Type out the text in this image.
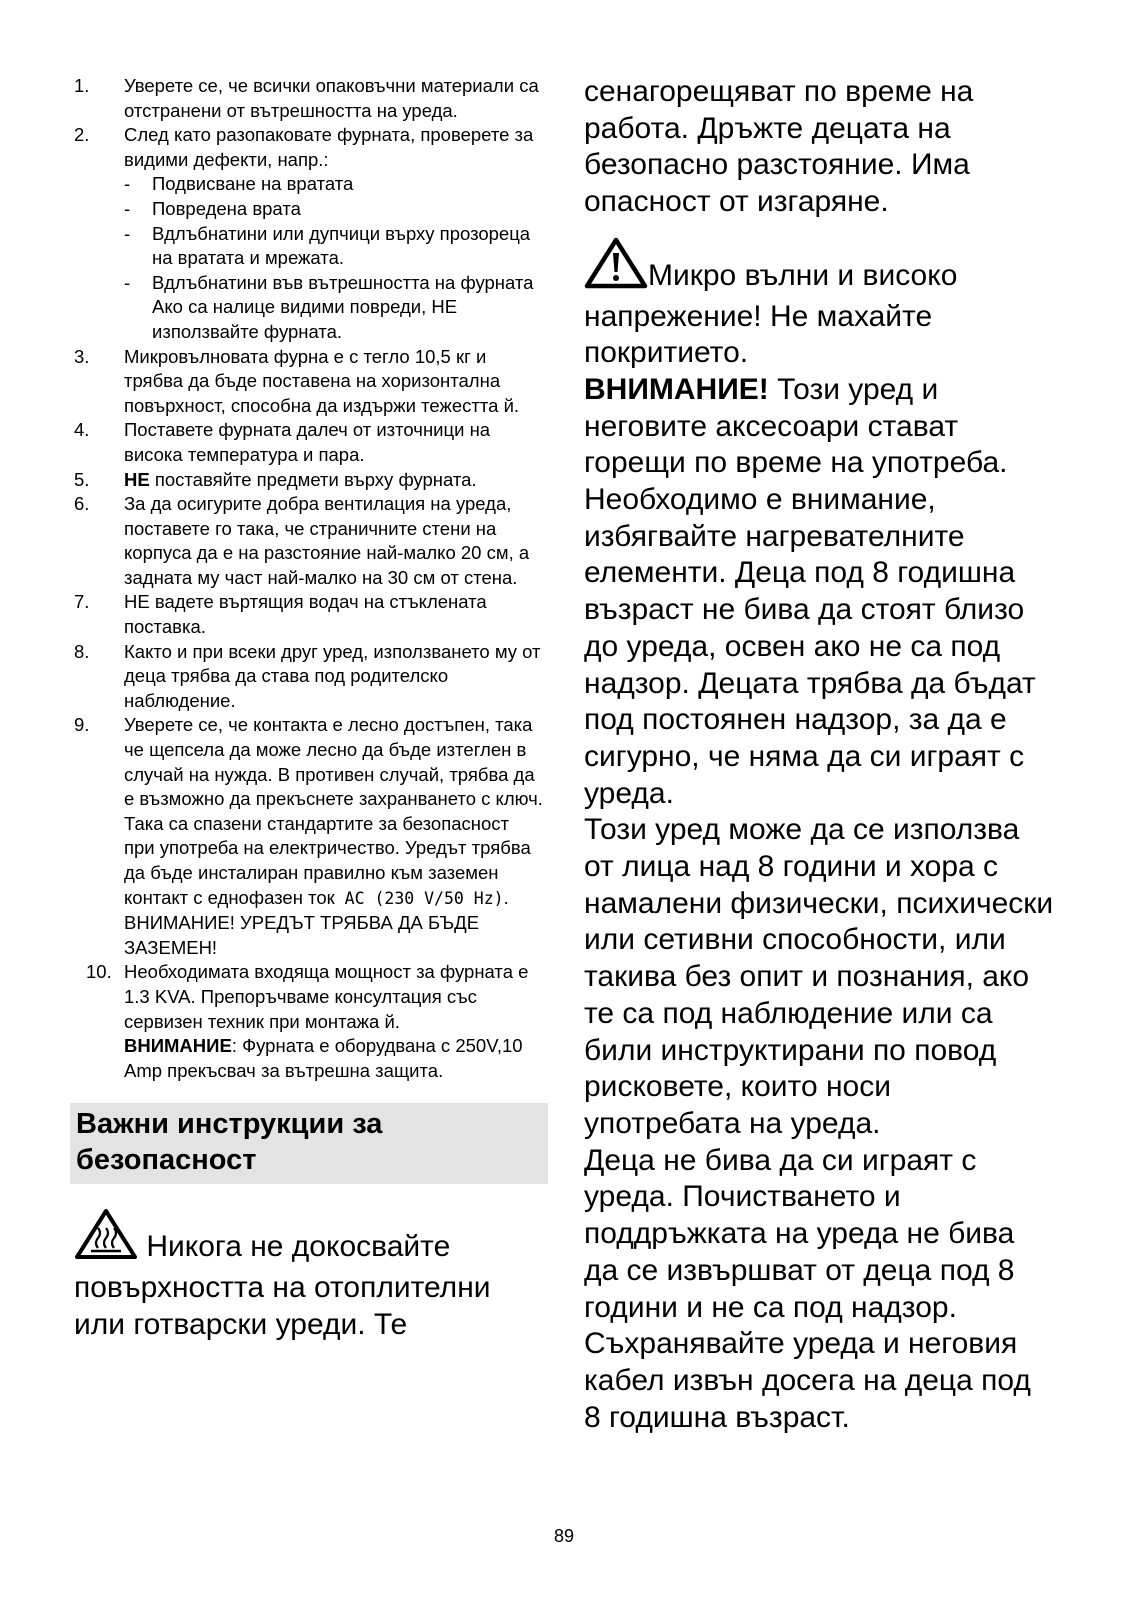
1.	Уверете се, че всички опаковъчни материали са отстранени от вътрешността на уреда.
2.	След като разопаковате фурната, проверете за видими дефекти, напр.:
- Подвисване на вратата
- Повредена врата
- Вдлъбнатини или дупчици върху прозореца на вратата и мрежата.
- Вдлъбнатини във вътрешността на фурната
Ако са налице видими повреди, НЕ използвайте фурната.
3.	Микровълновата фурна е с тегло 10,5 кг и трябва да бъде поставена на хоризонтална повърхност, способна да издържи тежестта й.
4.	Поставете фурната далеч от източници на висока температура и пара.
5.	НЕ поставяйте предмети върху фурната.
6.	За да осигурите добра вентилация на уреда, поставете го така, че страничните стени на корпуса да е на разстояние най-малко 20 см, а задната му част най-малко на 30 см от стена.
7.	НЕ вадете въртящия водач на стъклената поставка.
8.	Както и при всеки друг уред, използването му от деца трябва да става под родителско наблюдение.
9.	Уверете се, че контакта е лесно достъпен, така че щепсела да може лесно да бъде изтеглен в случай на нужда. В противен случай, трябва да е възможно да прекъснете захранването с ключ. Така са спазени стандартите за безопасност при употреба на електричество. Уредът трябва да бъде инсталиран правилно към заземен контакт с еднофазен ток AC (230 V/50 Hz). ВНИМАНИЕ! УРЕДЪТ ТРЯБВА ДА БЪДЕ ЗАЗЕМЕН!
10. Необходимата входяща мощност за фурната е 1.3 KVA. Препоръчваме консултация със сервизен техник при монтажа й.
ВНИМАНИЕ: Фурната е оборудвана с 250V,10 Amp прекъсвач за вътрешна защита.
Важни инструкции за безопасност
Никога не докосвайте повърхността на отоплителни или готварски уреди. Те
сенагорещяват по време на работа. Дръжте децата на безопасно разстояние. Има опасност от изгаряне.
Микро вълни и високо напрежение! Не махайте покритието.
ВНИМАНИЕ! Този уред и неговите аксесоари стават горещи по време на употреба. Необходимо е внимание, избягвайте нагревателните елементи. Деца под 8 годишна възраст не бива да стоят близо до уреда, освен ако не са под надзор. Децата трябва да бъдат под постоянен надзор, за да е сигурно, че няма да си играят с уреда.
Този уред може да се използва от лица над 8 години и хора с намалени физически, психически или сетивни способности, или такива без опит и познания, ако те са под наблюдение или са били инструктирани по повод рисковете, които носи употребата на уреда.
Деца не бива да си играят с уреда. Почистването и поддръжката на уреда не бива да се извършват от деца под 8 години и не са под надзор. Съхранявайте уреда и неговия кабел извън досега на деца под 8 годишна възраст.
89
